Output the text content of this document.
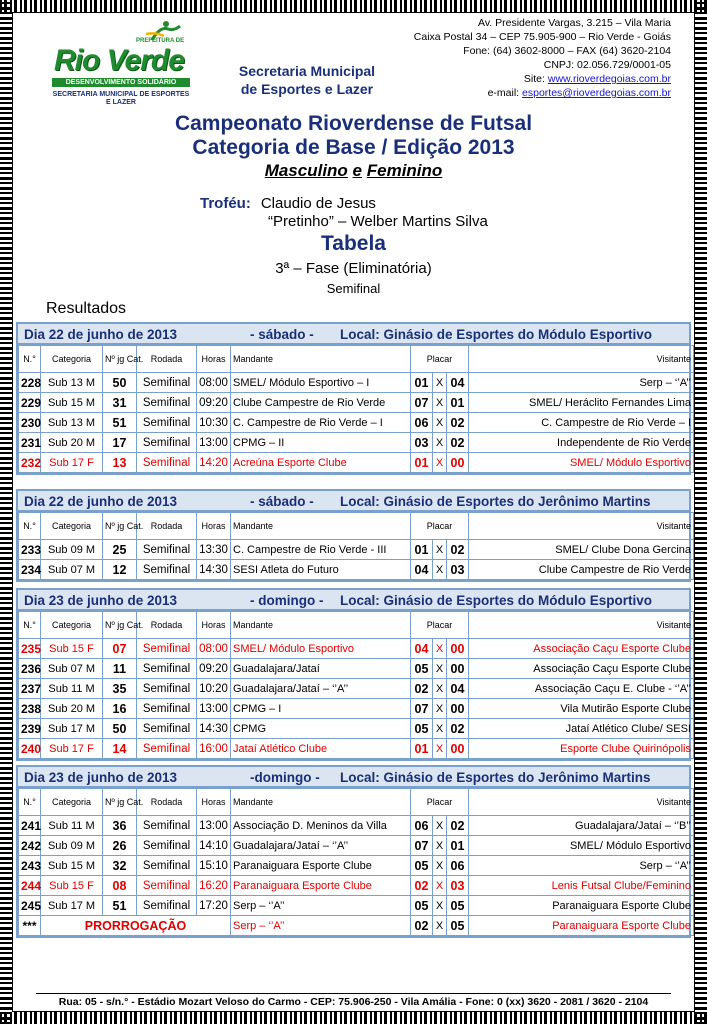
PREFEITURA DE
Rio Verde
DESENVOLVIMENTO SOLIDÁRIO
SECRETARIA MUNICIPAL DE ESPORTES E LAZER
Secretaria Municipal
de Esportes e Lazer
Av. Presidente Vargas, 3.215 – Vila Maria
Caixa Postal 34 – CEP 75.905-900 – Rio Verde - Goiás
Fone: (64) 3602-8000 – FAX (64) 3620-2104
CNPJ: 02.056.729/0001-05
Site: www.rioverdegoias.com.br
e-mail: esportes@rioverdegoias.com.br
Campeonato Rioverdense de Futsal
Categoria de Base / Edição 2013
Masculino e Feminino
Troféu: Claudio de Jesus
“Pretinho” – Welber Martins Silva
Tabela
3ª – Fase (Eliminatória)
Semifinal
Resultados
Dia 22 de junho de 2013	- sábado - Local: Ginásio de Esportes do Módulo Esportivo
N.°	Categoria	Nº jg Cat.	Rodada	Horas	Mandante	Placar			Visitante
228	Sub 13 M	50	Semifinal	08:00	SMEL/ Módulo Esportivo – I	01	X	04	Serp – ‘’A’’
229	Sub 15 M	31	Semifinal	09:20	Clube Campestre de Rio Verde	07	X	01	SMEL/ Heráclito Fernandes Lima
230	Sub 13 M	51	Semifinal	10:30	C. Campestre de Rio Verde – I	06	X	02	C. Campestre de Rio Verde – I
231	Sub 20 M	17	Semifinal	13:00	CPMG – II	03	X	02	Independente de Rio Verde
232	Sub 17 F	13	Semifinal	14:20	Acreúna Esporte Clube	01	X	00	SMEL/ Módulo Esportivo
Dia 22 de junho de 2013	- sábado - Local: Ginásio de Esportes do Jerônimo Martins
N.°	Categoria	Nº jg Cat.	Rodada	Horas	Mandante	Placar			Visitante
233	Sub 09 M	25	Semifinal	13:30	C. Campestre de Rio Verde - III	01	X	02	SMEL/ Clube Dona Gercina
234	Sub 07 M	12	Semifinal	14:30	SESI Atleta do Futuro	04	X	03	Clube Campestre de Rio Verde
Dia 23 de junho de 2013	- domingo - Local: Ginásio de Esportes do Módulo Esportivo
N.°	Categoria	Nº jg Cat.	Rodada	Horas	Mandante	Placar			Visitante
235	Sub 15 F	07	Semifinal	08:00	SMEL/ Módulo Esportivo	04	X	00	Associação Caçu Esporte Clube
236	Sub 07 M	11	Semifinal	09:20	Guadalajara/Jataí	05	X	00	Associação Caçu Esporte Clube
237	Sub 11 M	35	Semifinal	10:20	Guadalajara/Jataí – ‘’A’’	02	X	04	Associação Caçu E. Clube - ‘’A’’
238	Sub 20 M	16	Semifinal	13:00	CPMG – I	07	X	00	Vila Mutirão Esporte Clube
239	Sub 17 M	50	Semifinal	14:30	CPMG	05	X	02	Jataí Atlético Clube/ SESI
240	Sub 17 F	14	Semifinal	16:00	Jataí Atlético Clube	01	X	00	Esporte Clube Quirinópolis
Dia 23 de junho de 2013	-domingo - Local: Ginásio de Esportes do Jerônimo Martins
N.°	Categoria	Nº jg Cat.	Rodada	Horas	Mandante	Placar			Visitante
241	Sub 11 M	36	Semifinal	13:00	Associação D. Meninos da Villa	06	X	02	Guadalajara/Jataí – ‘’B’’
242	Sub 09 M	26	Semifinal	14:10	Guadalajara/Jataí – ‘’A’’	07	X	01	SMEL/ Módulo Esportivo
243	Sub 15 M	32	Semifinal	15:10	Paranaiguara Esporte Clube	05	X	06	Serp – ‘’A’’
244	Sub 15 F	08	Semifinal	16:20	Paranaiguara Esporte Clube	02	X	03	Lenis Futsal Clube/Feminino
245	Sub 17 M	51	Semifinal	17:20	Serp – ‘’A’’	05	X	05	Paranaiguara Esporte Clube
***	PRORROGAÇÃO				Serp – ‘’A’’	02	X	05	Paranaiguara Esporte Clube
Rua: 05 - s/n.° - Estádio Mozart Veloso do Carmo - CEP: 75.906-250 - Vila Amália - Fone: 0 (xx) 3620 - 2081 / 3620 - 2104
